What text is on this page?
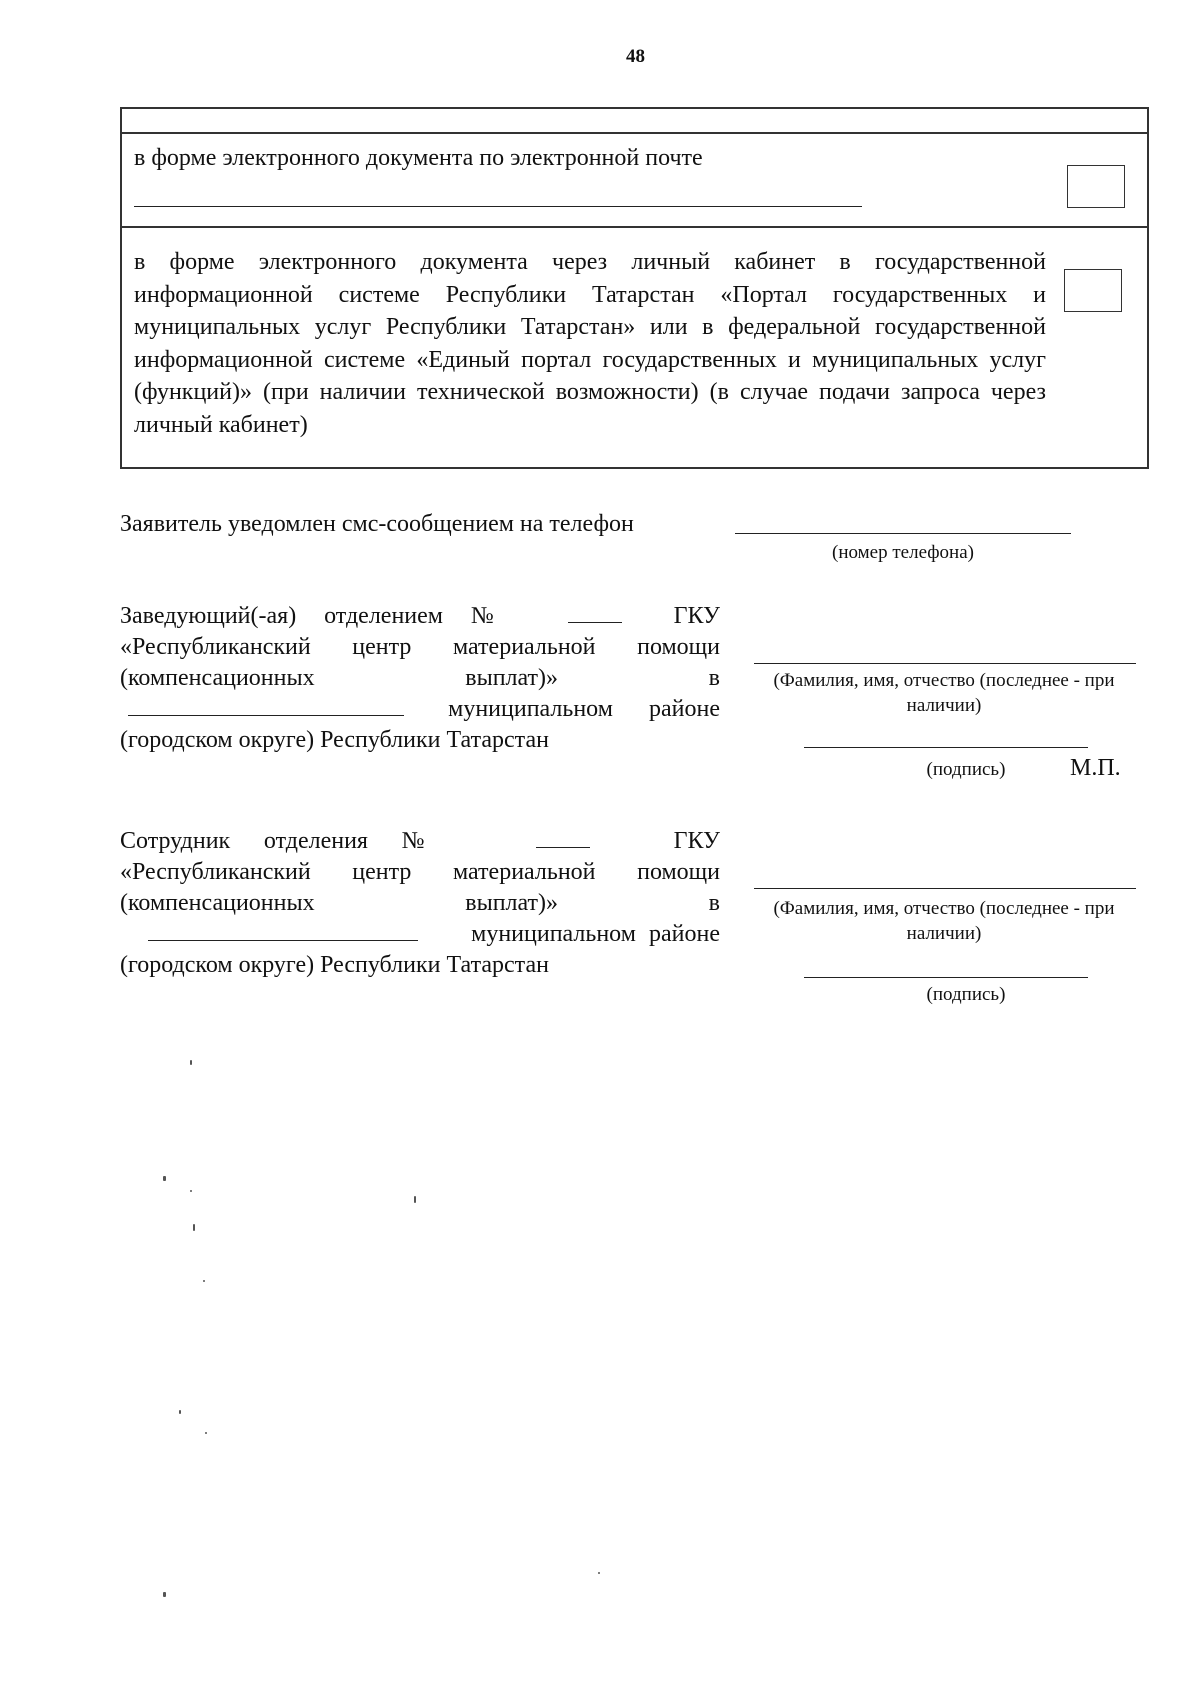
48
в форме электронного документа по электронной почте
в форме электронного документа через личный кабинет в государственной информационной системе Республики Татарстан «Портал государственных и муниципальных услуг Республики Татарстан» или в федеральной государственной информационной системе «Единый портал государственных и муниципальных услуг (функций)» (при наличии технической возможности) (в случае подачи запроса через личный кабинет)
Заявитель уведомлен смс-сообщением на телефон
(номер телефона)
Заведующий(-ая) отделением №	ГКУ «Республиканский центр материальной помощи (компенсационных выплат)»	в  муниципальном районе (городском округе) Республики Татарстан
(Фамилия, имя, отчество (последнее - при наличии)
(подпись)	М.П.
Сотрудник отделения №	ГКУ «Республиканский центр материальной помощи (компенсационных выплат)»	в  муниципальном районе (городском округе) Республики Татарстан
(Фамилия, имя, отчество (последнее - при наличии)
(подпись)
